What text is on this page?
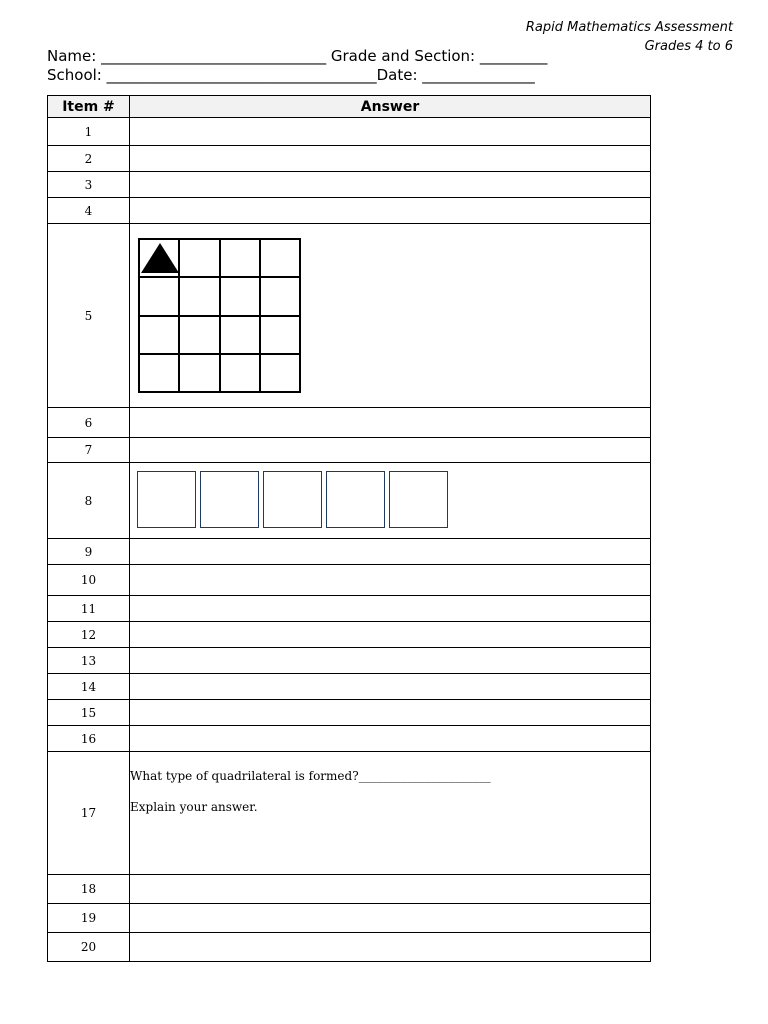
Rapid Mathematics Assessment
Grades 4 to 6
Name: ______________________________ Grade and Section: _________
School: ____________________________________Date: _______________
Item #	Answer
1	
2	
3	
4	
5	

6	
7	
8	

9	
10	
11	
12	
13	
14	
15	
16	
17	What type of quadrilateral is formed?______________________

Explain your answer.

18	
19	
20	
